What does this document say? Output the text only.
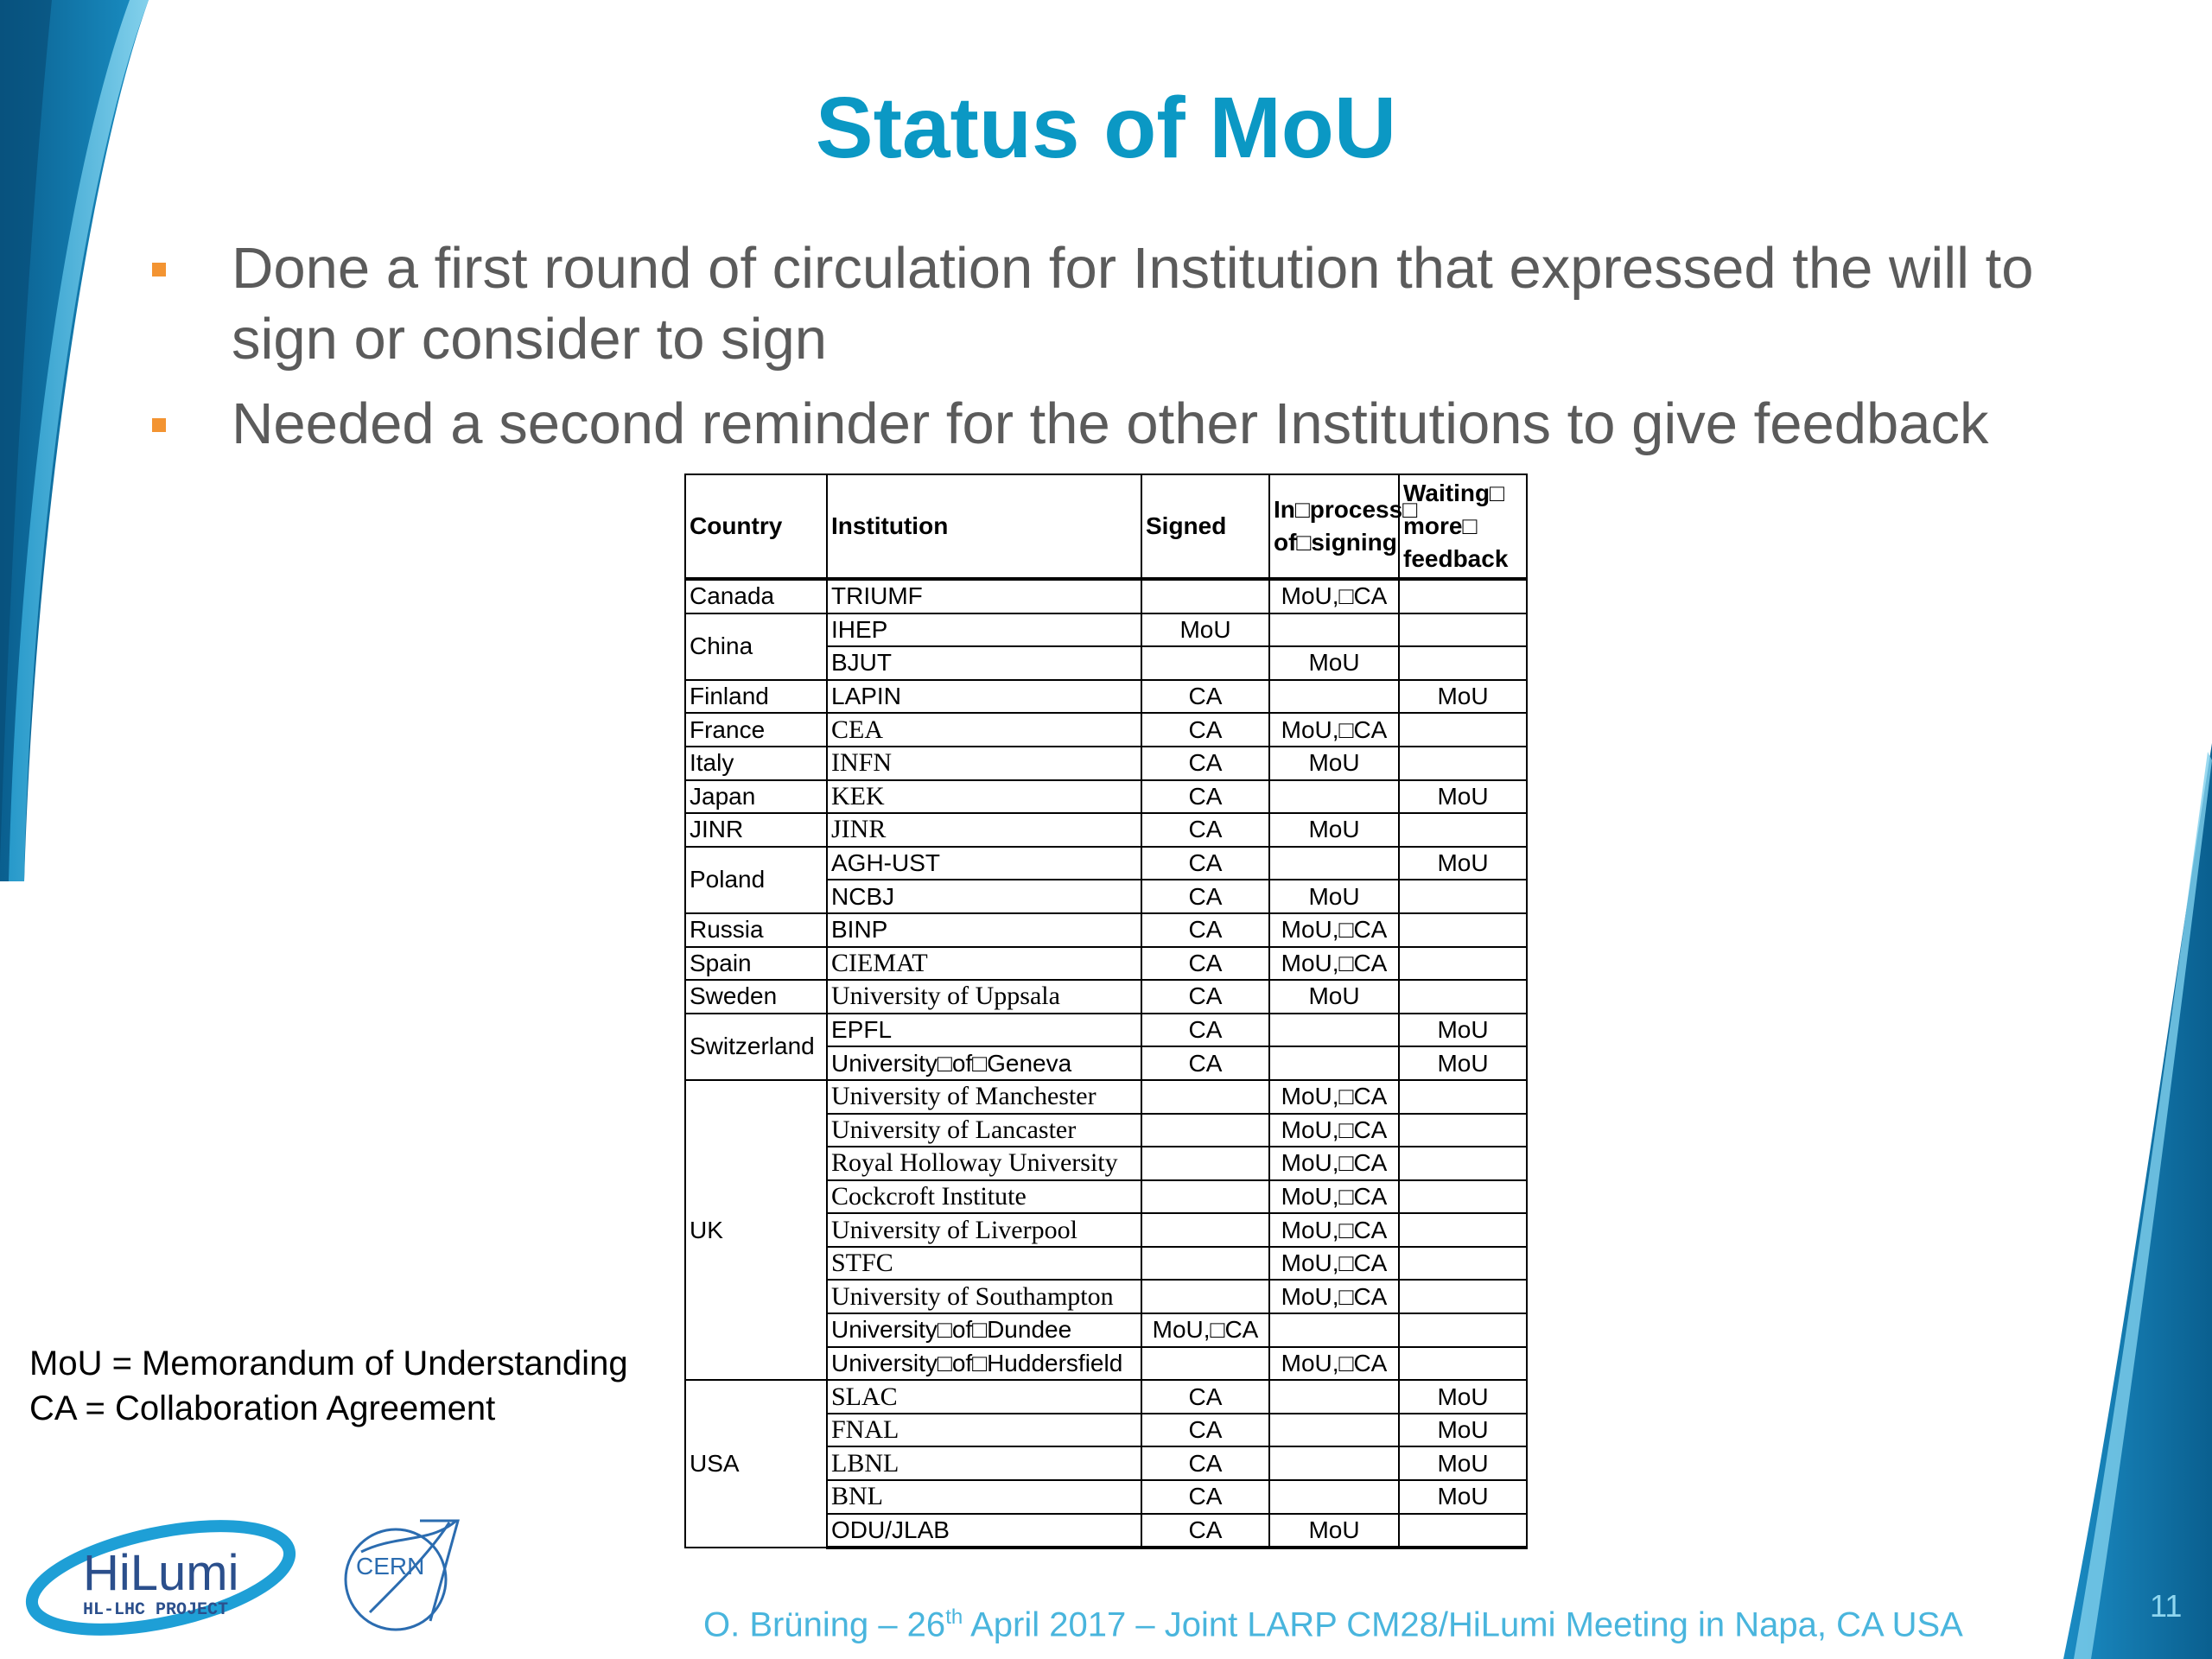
Status of MoU
Done a first round of circulation for Institution that expressed the will to sign or consider to sign
Needed a second reminder for the other Institutions to give feedback
Country	Institution	Signed	In□process□ of□signing	Waiting□ more□ feedback
Canada	TRIUMF		MoU,□CA	
China	IHEP	MoU		
	BJUT		MoU	
Finland	LAPIN	CA		MoU
France	CEA	CA	MoU,□CA	
Italy	INFN	CA	MoU	
Japan	KEK	CA		MoU
JINR	JINR	CA	MoU	
Poland	AGH-UST	CA		MoU
	NCBJ	CA	MoU	
Russia	BINP	CA	MoU,□CA	
Spain	CIEMAT	CA	MoU,□CA	
Sweden	University of Uppsala	CA	MoU	
Switzerland	EPFL	CA		MoU
	University□of□Geneva	CA		MoU
UK	University of Manchester		MoU,□CA	
	University of Lancaster		MoU,□CA	
	Royal Holloway University		MoU,□CA	
	Cockcroft Institute		MoU,□CA	
	University of Liverpool		MoU,□CA	
	STFC		MoU,□CA	
	University of Southampton		MoU,□CA	
	University□of□Dundee	MoU,□CA		
	University□of□Huddersfield		MoU,□CA	
USA	SLAC	CA		MoU
	FNAL	CA		MoU
	LBNL	CA		MoU
	BNL	CA		MoU
	ODU/JLAB	CA	MoU	
MoU = Memorandum of Understanding
CA = Collaboration Agreement
HiLumi
HL-LHC PROJECT
CERN
O. Brüning – 26th April 2017 – Joint LARP CM28/HiLumi Meeting in Napa, CA USA	11
